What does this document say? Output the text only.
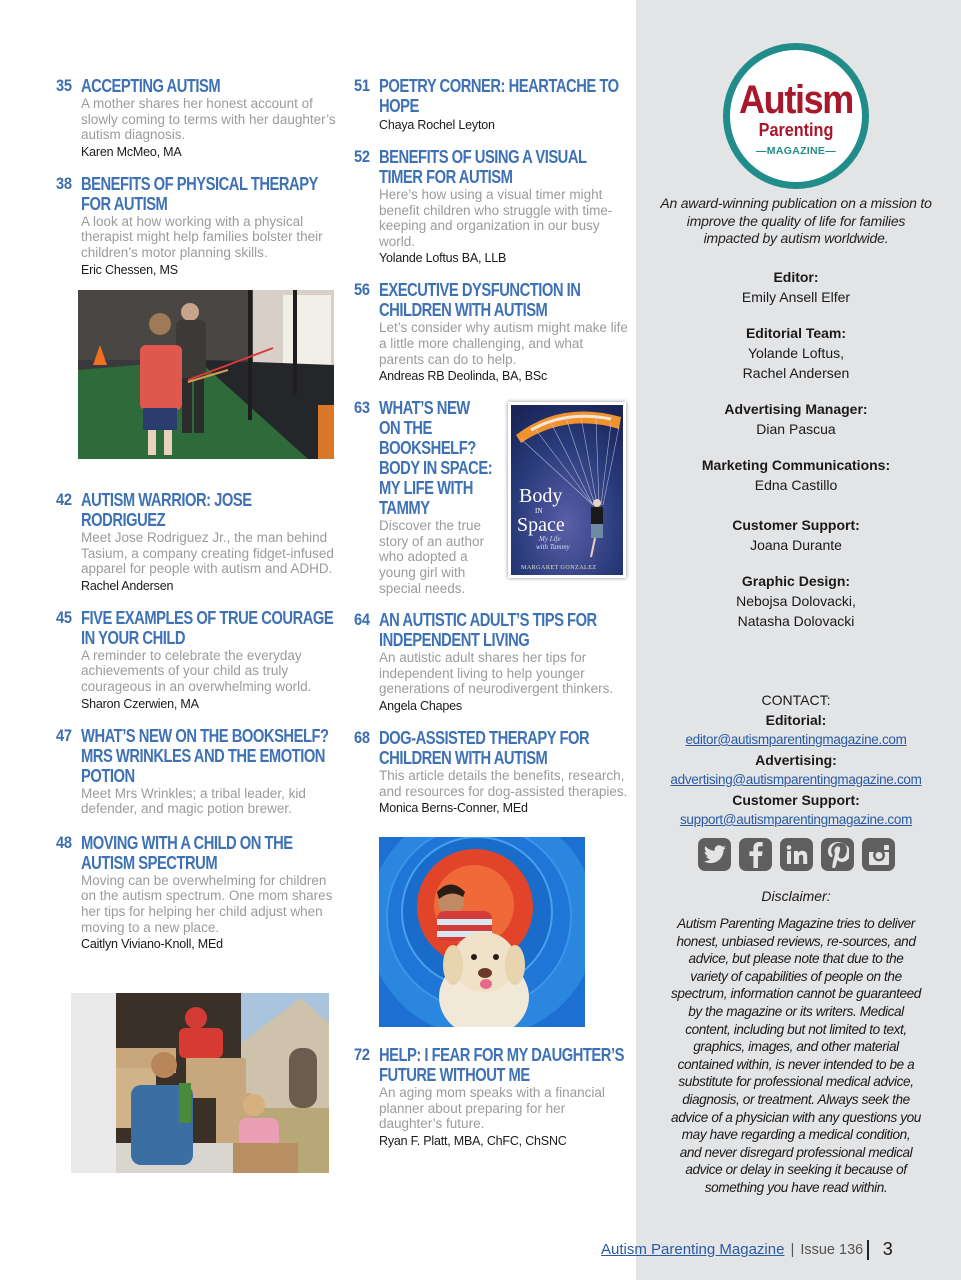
35 ACCEPTING AUTISM
A mother shares her honest account of slowly coming to terms with her daughter’s autism diagnosis.
Karen McMeo, MA
38 BENEFITS OF PHYSICAL THERAPY FOR AUTISM
A look at how working with a physical therapist might help families bolster their children’s motor planning skills.
Eric Chessen, MS
42 AUTISM WARRIOR: JOSE RODRIGUEZ
Meet Jose Rodriguez Jr., the man behind Tasium, a company creating fidget-infused apparel for people with autism and ADHD.
Rachel Andersen
45 FIVE EXAMPLES OF TRUE COURAGE IN YOUR CHILD
A reminder to celebrate the everyday achievements of your child as truly courageous in an overwhelming world.
Sharon Czerwien, MA
47 WHAT’S NEW ON THE BOOKSHELF? MRS WRINKLES AND THE EMOTION POTION
Meet Mrs Wrinkles; a tribal leader, kid defender, and magic potion brewer.
48 MOVING WITH A CHILD ON THE AUTISM SPECTRUM
Moving can be overwhelming for children on the autism spectrum. One mom shares her tips for helping her child adjust when moving to a new place.
Caitlyn Viviano-Knoll, MEd
51 POETRY CORNER: HEARTACHE TO HOPE
Chaya Rochel Leyton
52 BENEFITS OF USING A VISUAL TIMER FOR AUTISM
Here’s how using a visual timer might benefit children who struggle with time-keeping and organization in our busy world.
Yolande Loftus BA, LLB
56 EXECUTIVE DYSFUNCTION IN CHILDREN WITH AUTISM
Let’s consider why autism might make life a little more challenging, and what parents can do to help.
Andreas RB Deolinda, BA, BSc
63 WHAT’S NEW ON THE BOOKSHELF? BODY IN SPACE: MY LIFE WITH TAMMY
Discover the true story of an author who adopted a young girl with special needs.
64 AN AUTISTIC ADULT’S TIPS FOR INDEPENDENT LIVING
An autistic adult shares her tips for independent living to help younger generations of neurodivergent thinkers.
Angela Chapes
68 DOG-ASSISTED THERAPY FOR CHILDREN WITH AUTISM
This article details the benefits, research, and resources for dog-assisted therapies.
Monica Berns-Conner, MEd
72 HELP: I FEAR FOR MY DAUGHTER’S FUTURE WITHOUT ME
An aging mom speaks with a financial planner about preparing for her daughter’s future.
Ryan F. Platt, MBA, ChFC, ChSNC
Body
IN
Space
My Life
with Tammy
MARGARET GONZALEZ
Autism
Parenting
—MAGAZINE—
An award-winning publication on a mission to improve the quality of life for families impacted by autism worldwide.
Editor:
Emily Ansell Elfer
Editorial Team:
Yolande Loftus,
Rachel Andersen
Advertising Manager:
Dian Pascua
Marketing Communications:
Edna Castillo
Customer Support:
Joana Durante
Graphic Design:
Nebojsa Dolovacki,
Natasha Dolovacki
CONTACT:
Editorial:
editor@autismparentingmagazine.com
Advertising:
advertising@autismparentingmagazine.com
Customer Support:
support@autismparentingmagazine.com
Disclaimer:
Autism Parenting Magazine tries to deliver honest, unbiased reviews, re-sources, and advice, but please note that due to the variety of capabilities of people on the spectrum, information cannot be guaranteed by the magazine or its writers. Medical content, including but not limited to text, graphics, images, and other material contained within, is never intended to be a substitute for professional medical advice, diagnosis, or treatment. Always seek the advice of a physician with any questions you may have regarding a medical condition, and never disregard professional medical advice or delay in seeking it because of something you have read within.
Autism Parenting Magazine | Issue 136 3
